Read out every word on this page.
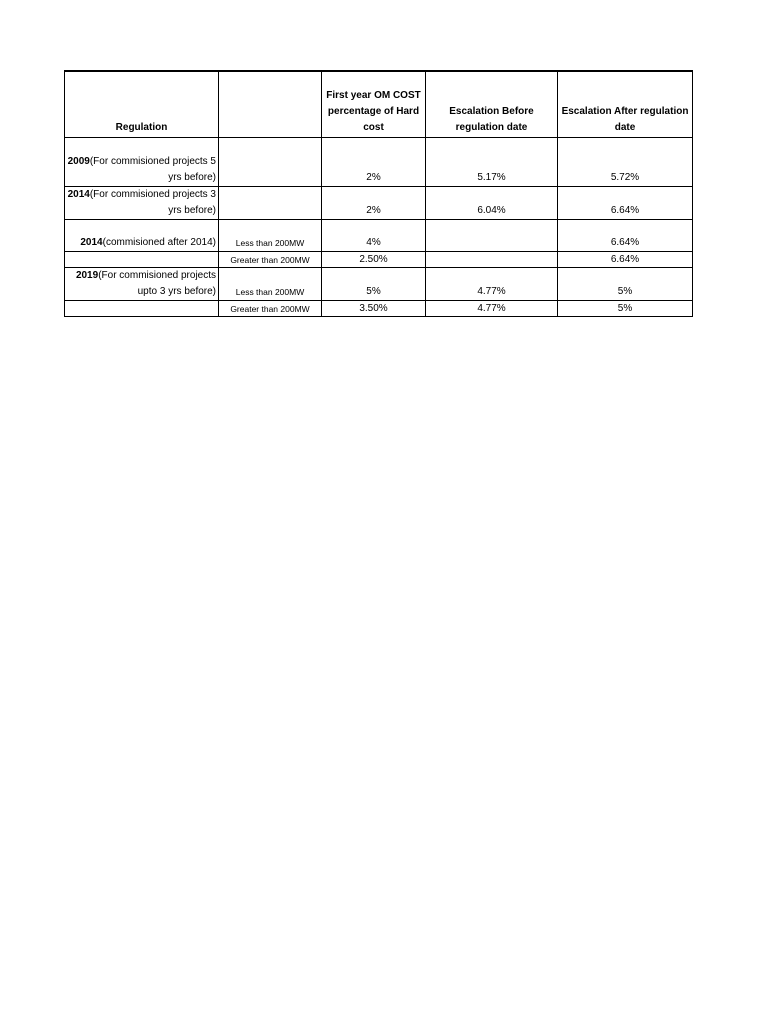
Regulation		First year OM COST percentage of Hard cost	Escalation Before regulation date	Escalation After regulation date
2009(For commisioned projects 5 yrs before)		2%	5.17%	5.72%
2014(For commisioned projects 3 yrs before)		2%	6.04%	6.64%
2014(commisioned after 2014)	Less than 200MW	4%		6.64%
	Greater than 200MW	2.50%		6.64%
2019(For commisioned projects upto 3 yrs before)	Less than 200MW	5%	4.77%	5%
	Greater than 200MW	3.50%	4.77%	5%
